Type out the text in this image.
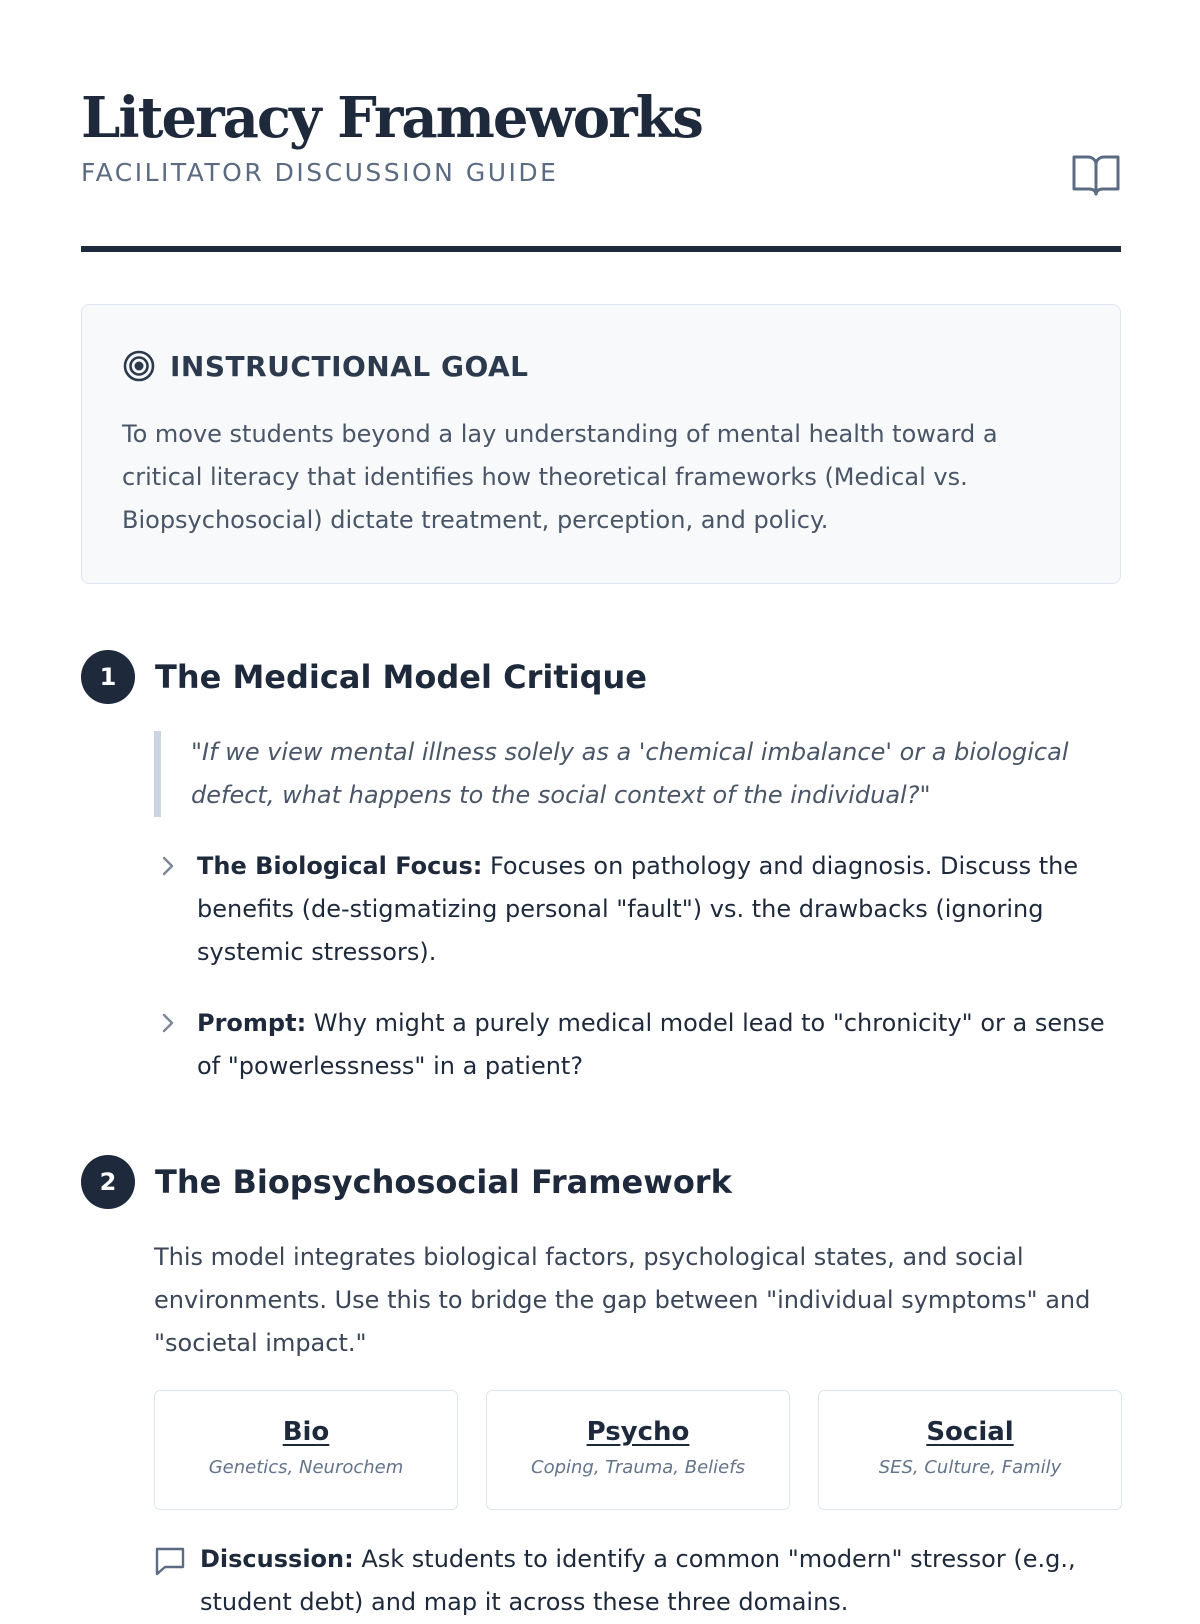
Literacy Frameworks
FACILITATOR DISCUSSION GUIDE
INSTRUCTIONAL GOAL

To move students beyond a lay understanding of mental health toward a critical literacy that identifies how theoretical frameworks (Medical vs. Biopsychosocial) dictate treatment, perception, and policy.

1	The Medical Model Critique
"If we view mental illness solely as a 'chemical imbalance' or a biological defect, what happens to the social context of the individual?"

The Biological Focus: Focuses on pathology and diagnosis. Discuss the benefits (de-stigmatizing personal "fault") vs. the drawbacks (ignoring systemic stressors).

Prompt: Why might a purely medical model lead to "chronicity" or a sense of "powerlessness" in a patient?

2	The Biopsychosocial Framework

This model integrates biological factors, psychological states, and social environments. Use this to bridge the gap between "individual symptoms" and "societal impact."

Bio
Genetics, Neurochem
Psycho
Coping, Trauma, Beliefs
Social
SES, Culture, Family

Discussion: Ask students to identify a common "modern" stressor (e.g., student debt) and map it across these three domains.
